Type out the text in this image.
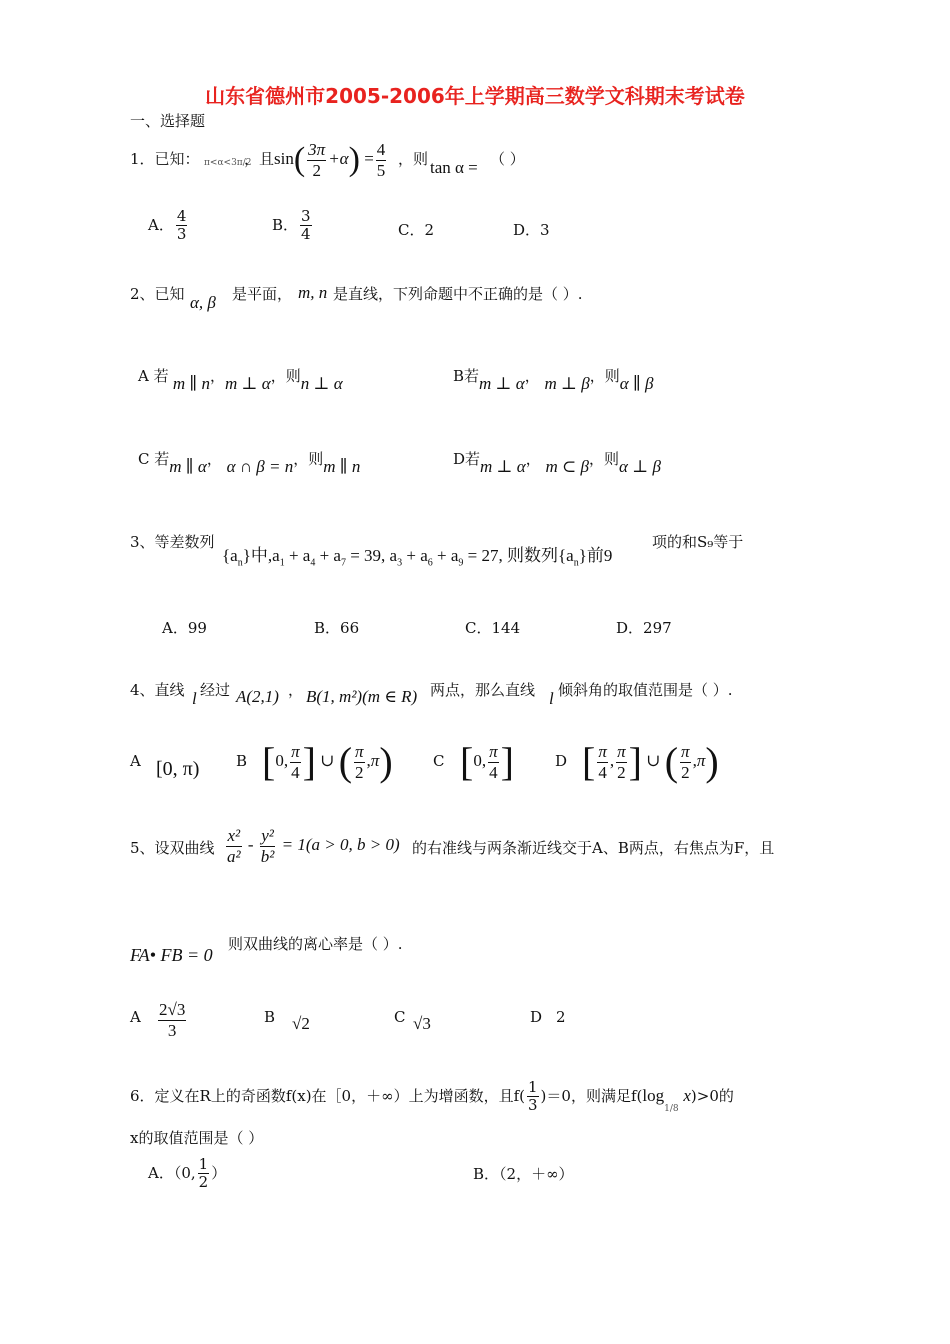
山东省德州市2005-2006年上学期高三数学文科期末考试卷
一、选择题
1．已知： π<α<3π/2
，且 $\sin( \frac{3\pi}{2} +\alpha) = \frac{4}{5}$ ，则 tan α = （ ）
A． $\frac{4}{3}$	B． $\frac{3}{4}$	C．2	D．3
2、已知 α, β 是平面， m, n 是直线，下列命题中不正确的是（ ）.
A 若 m ∥ n，m ⊥ α，则n ⊥ α	B若m ⊥ α， m ⊥ β，则α ∥ β
C 若m ∥ α， α ∩ β = n，则m ∥ n	D若m ⊥ α， m ⊂ β，则α ⊥ β
3、等差数列
$\{a_n\}$中$,a_1 + a_4 + a_7 = 39$, $a_3 + a_6 + a_9 = 27$, 则数列$\{a_n\}$前9
项的和S₉等于
A．99	B．66	C．144	D．297
4、直线 l 经过 A(2,1) ， B(1, m²)(m ∈ R) 两点，那么直线 l 倾斜角的取值范围是（ ）.
A [0, π) B [0, $\frac{\pi}{4}$ ] ∪ ( $\frac{\pi}{2} ,\pi$)	C [0, $\frac{\pi}{4}$ ]	D [ $\frac{\pi}{4}$ , $\frac{\pi}{2}$ ] ∪ ( $\frac{\pi}{2} ,\pi$)
5、设双曲线 $\frac{\text{x²}}{\text{a²}} - \frac{\text{y²}}{\text{b²}} = 1(a > 0$, b > 0) 的右准线与两条渐近线交于A、B两点，右焦点为F，且
FA• FB = 0
则双曲线的离心率是（ ）.
A $\frac{2√3}{3}$	B √2	C √3	D 2
6．定义在R上的奇函数f(x)在［0，＋∞）上为增函数，且$f( \frac{1}{3} )=0$，则满足$f(\log_{1/8}$ x)>0的
x的取值范围是（ ）
A．（0, $\frac{1}{2}$ ）	B．（2，＋∞）
